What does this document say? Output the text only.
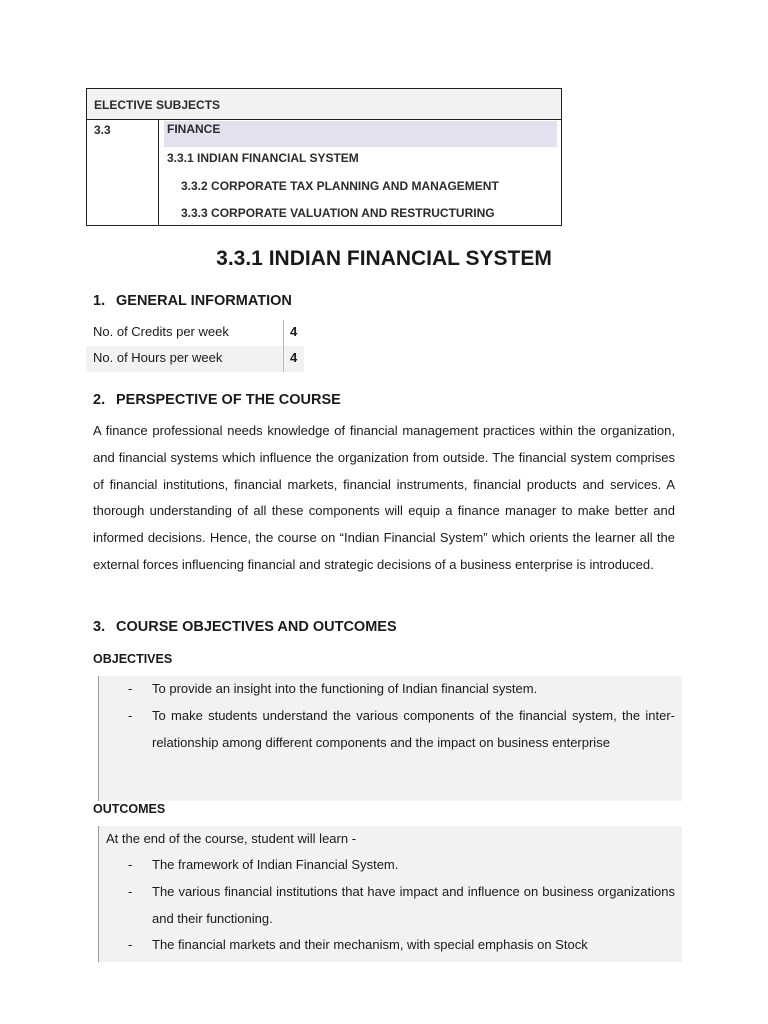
ELECTIVE SUBJECTS
3.3	FINANCE
3.3.1 INDIAN FINANCIAL SYSTEM
3.3.2 CORPORATE TAX PLANNING AND MANAGEMENT
3.3.3 CORPORATE VALUATION AND RESTRUCTURING
3.3.1 INDIAN FINANCIAL SYSTEM
1. GENERAL INFORMATION
No. of Credits per week	4
No. of Hours per week	4
2. PERSPECTIVE OF THE COURSE
A finance professional needs knowledge of financial management practices within the organization, and financial systems which influence the organization from outside. The financial system comprises of financial institutions, financial markets, financial instruments, financial products and services. A thorough understanding of all these components will equip a finance manager to make better and informed decisions. Hence, the course on “Indian Financial System” which orients the learner all the external forces influencing financial and strategic decisions of a business enterprise is introduced.
3. COURSE OBJECTIVES AND OUTCOMES
OBJECTIVES
- To provide an insight into the functioning of Indian financial system.
- To make students understand the various components of the financial system, the inter-relationship among different components and the impact on business enterprise
OUTCOMES
At the end of the course, student will learn -
- The framework of Indian Financial System.
- The various financial institutions that have impact and influence on business organizations and their functioning.
- The financial markets and their mechanism, with special emphasis on Stock
